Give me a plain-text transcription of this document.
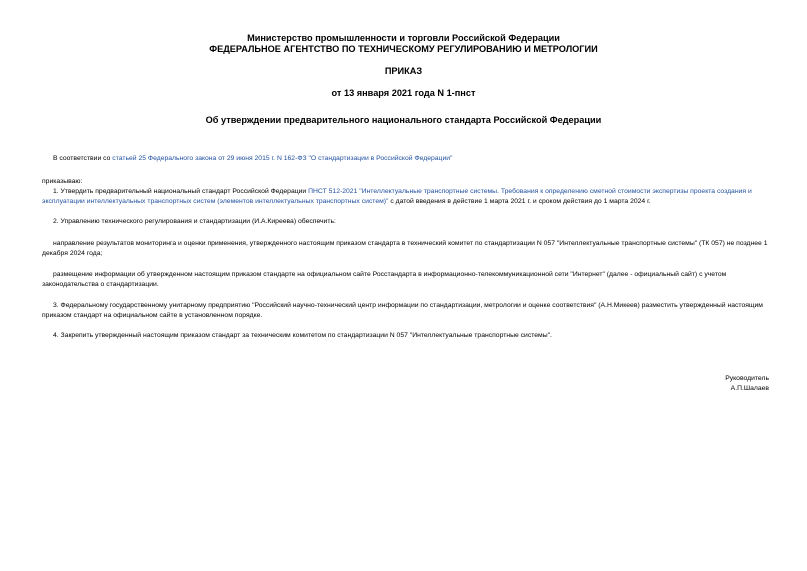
Министерство промышленности и торговли Российской Федерации
ФЕДЕРАЛЬНОЕ АГЕНТСТВО ПО ТЕХНИЧЕСКОМУ РЕГУЛИРОВАНИЮ И МЕТРОЛОГИИ
ПРИКАЗ
от 13 января 2021 года N 1-пнст
Об утверждении предварительного национального стандарта Российской Федерации
В соответствии со статьей 25 Федерального закона от 29 июня 2015 г. N 162-ФЗ "О стандартизации в Российской Федерации"
приказываю:
1. Утвердить предварительный национальный стандарт Российской Федерации ПНСТ 512-2021 "Интеллектуальные транспортные системы. Требования к определению сметной стоимости экспертизы проекта создания и эксплуатации интеллектуальных транспортных систем (элементов интеллектуальных транспортных систем)" с датой введения в действие 1 марта 2021 г. и сроком действия до 1 марта 2024 г.
2. Управлению технического регулирования и стандартизации (И.А.Киреева) обеспечить:
направление результатов мониторинга и оценки применения, утвержденного настоящим приказом стандарта в технический комитет по стандартизации N 057 "Интеллектуальные транспортные системы" (ТК 057) не позднее 1 декабря 2024 года;
размещение информации об утвержденном настоящим приказом стандарте на официальном сайте Росстандарта в информационно-телекоммуникационной сети "Интернет" (далее - официальный сайт) с учетом законодательства о стандартизации.
3. Федеральному государственному унитарному предприятию "Российский научно-технический центр информации по стандартизации, метрологии и оценке соответствия" (А.Н.Микеев) разместить утвержденный настоящим приказом стандарт на официальном сайте в установленном порядке.
4. Закрепить утвержденный настоящим приказом стандарт за техническим комитетом по стандартизации N 057 "Интеллектуальные транспортные системы".
Руководитель
А.П.Шалаев
